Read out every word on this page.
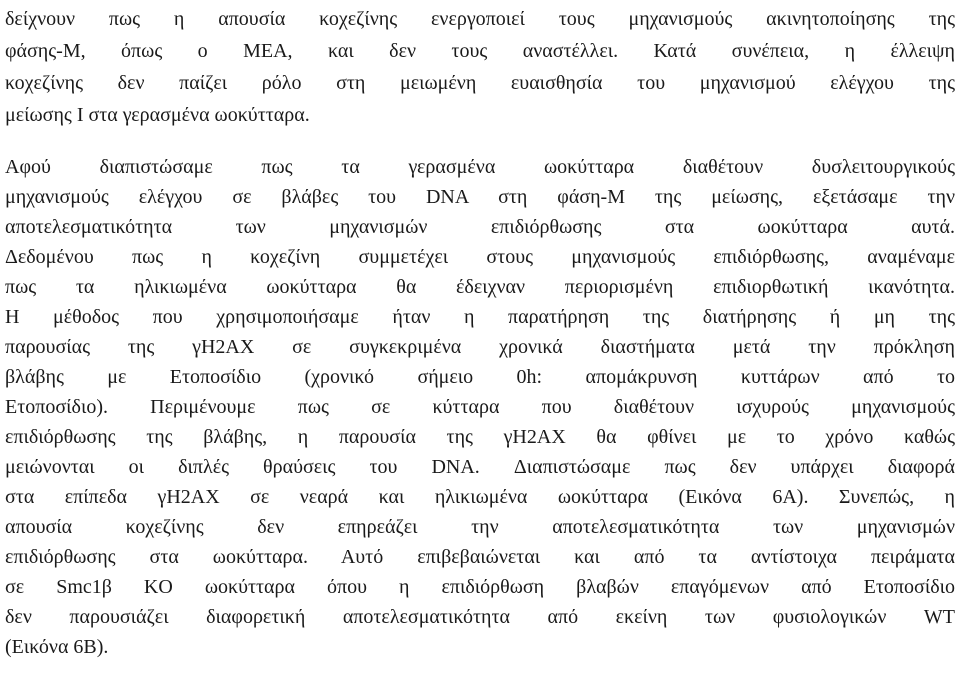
δείχνουν πως η απουσία κοχεζίνης ενεργοποιεί τους μηχανισμούς ακινητοποίησης της
φάσης-Μ, όπως ο ΜΕΑ, και δεν τους αναστέλλει. Κατά συνέπεια, η έλλειψη
κοχεζίνης δεν παίζει ρόλο στη μειωμένη ευαισθησία του μηχανισμού ελέγχου της
μείωσης Ι στα γερασμένα ωοκύτταρα.
Αφού διαπιστώσαμε πως τα γερασμένα ωοκύτταρα διαθέτουν δυσλειτουργικούς
μηχανισμούς ελέγχου σε βλάβες του DNA στη φάση-Μ της μείωσης, εξετάσαμε την
αποτελεσματικότητα των μηχανισμών επιδιόρθωσης στα ωοκύτταρα αυτά.
Δεδομένου πως η κοχεζίνη συμμετέχει στους μηχανισμούς επιδιόρθωσης, αναμέναμε
πως τα ηλικιωμένα ωοκύτταρα θα έδειχναν περιορισμένη επιδιορθωτική ικανότητα.
Η μέθοδος που χρησιμοποιήσαμε ήταν η παρατήρηση της διατήρησης ή μη της
παρουσίας της γH2AX σε συγκεκριμένα χρονικά διαστήματα μετά την πρόκληση
βλάβης με Ετοποσίδιο (χρονικό σήμειο 0h: απομάκρυνση κυττάρων από το
Ετοποσίδιο). Περιμένουμε πως σε κύτταρα που διαθέτουν ισχυρούς μηχανισμούς
επιδιόρθωσης της βλάβης, η παρουσία της γH2AX θα φθίνει με το χρόνο καθώς
μειώνονται οι διπλές θραύσεις του DNA. Διαπιστώσαμε πως δεν υπάρχει διαφορά
στα επίπεδα γH2AX σε νεαρά και ηλικιωμένα ωοκύτταρα (Εικόνα 6Α). Συνεπώς, η
απουσία κοχεζίνης δεν επηρεάζει την αποτελεσματικότητα των μηχανισμών
επιδιόρθωσης στα ωοκύτταρα. Αυτό επιβεβαιώνεται και από τα αντίστοιχα πειράματα
σε Smc1β KO ωοκύτταρα όπου η επιδιόρθωση βλαβών επαγόμενων από Ετοποσίδιο
δεν παρουσιάζει διαφορετική αποτελεσματικότητα από εκείνη των φυσιολογικών WT
(Εικόνα 6Β).
